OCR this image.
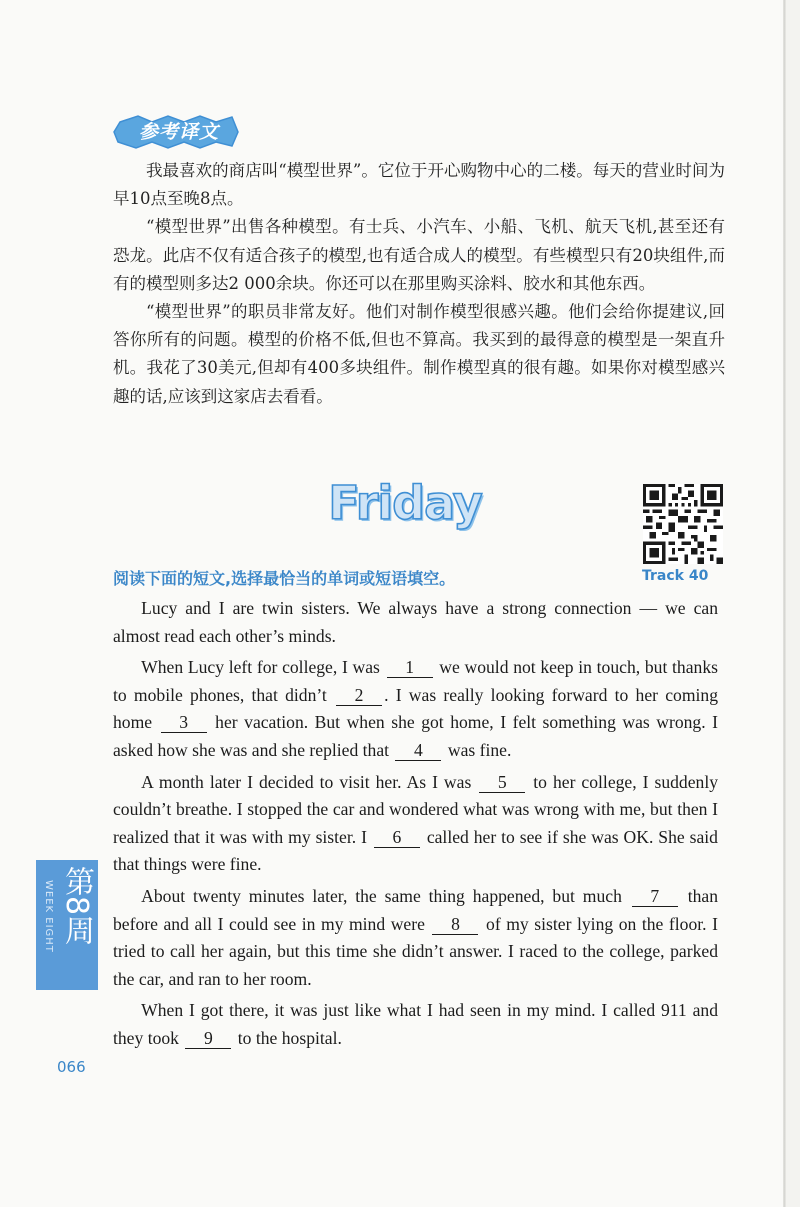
参考译文

我最喜欢的商店叫“模型世界”。它位于开心购物中心的二楼。每天的营业时间为早10点至晚8点。

“模型世界”出售各种模型。有士兵、小汽车、小船、飞机、航天飞机,甚至还有恐龙。此店不仅有适合孩子的模型,也有适合成人的模型。有些模型只有20块组件,而有的模型则多达2 000余块。你还可以在那里购买涂料、胶水和其他东西。

“模型世界”的职员非常友好。他们对制作模型很感兴趣。他们会给你提建议,回答你所有的问题。模型的价格不低,但也不算高。我买到的最得意的模型是一架直升机。我花了30美元,但却有400多块组件。制作模型真的很有趣。如果你对模型感兴趣的话,应该到这家店去看看。

Friday
Track 40
阅读下面的短文,选择最恰当的单词或短语填空。

Lucy and I are twin sisters. We always have a strong connection — we can almost read each other’s minds.

When Lucy left for college, I was 1 we would not keep in touch, but thanks to mobile phones, that didn’t 2 . I was really looking forward to her coming home 3 her vacation. But when she got home, I felt something was wrong. I asked how she was and she replied that 4 was fine.

A month later I decided to visit her. As I was 5 to her college, I suddenly couldn’t breathe. I stopped the car and wondered what was wrong with me, but then I realized that it was with my sister. I 6 called her to see if she was OK. She said that things were fine.

About twenty minutes later, the same thing happened, but much 7 than before and all I could see in my mind were 8 of my sister lying on the floor. I tried to call her again, but this time she didn’t answer. I raced to the college, parked the car, and ran to her room.

When I got there, it was just like what I had seen in my mind. I called 911 and they took 9 to the hospital.

WEEK EIGHT 第8周
066
